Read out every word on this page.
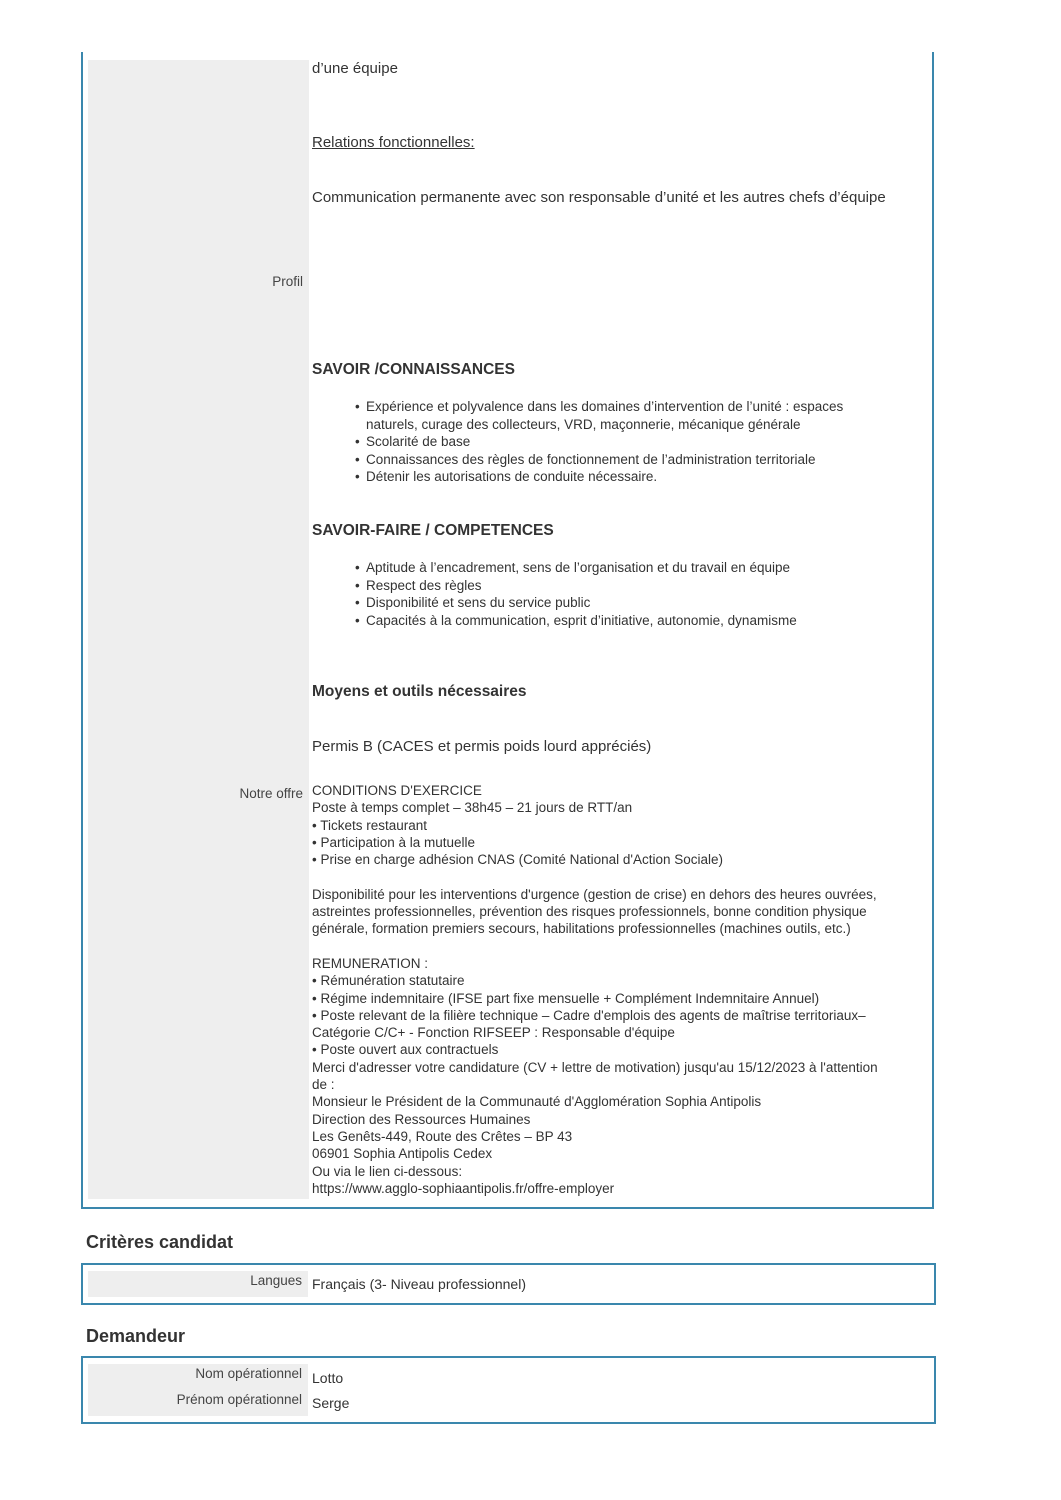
Profil
Notre offre
d’une équipe
Relations fonctionnelles:
Communication permanente avec son responsable d’unité et les autres chefs d’équipe
SAVOIR /CONNAISSANCES
• Expérience et polyvalence dans les domaines d’intervention de l’unité : espaces
naturels, curage des collecteurs, VRD, maçonnerie, mécanique générale
• Scolarité de base
• Connaissances des règles de fonctionnement de l’administration territoriale
• Détenir les autorisations de conduite nécessaire.
SAVOIR-FAIRE / COMPETENCES
• Aptitude à l’encadrement, sens de l’organisation et du travail en équipe
• Respect des règles
• Disponibilité et sens du service public
• Capacités à la communication, esprit d’initiative, autonomie, dynamisme
Moyens et outils nécessaires
Permis B (CACES et permis poids lourd appréciés)
CONDITIONS D'EXERCICE
Poste à temps complet – 38h45 – 21 jours de RTT/an
• Tickets restaurant
• Participation à la mutuelle
• Prise en charge adhésion CNAS (Comité National d'Action Sociale)
Disponibilité pour les interventions d'urgence (gestion de crise) en dehors des heures ouvrées,
astreintes professionnelles, prévention des risques professionnels, bonne condition physique
générale, formation premiers secours, habilitations professionnelles (machines outils, etc.)
REMUNERATION :
• Rémunération statutaire
• Régime indemnitaire (IFSE part fixe mensuelle + Complément Indemnitaire Annuel)
• Poste relevant de la filière technique – Cadre d'emplois des agents de maîtrise territoriaux–
Catégorie C/C+ - Fonction RIFSEEP : Responsable d'équipe
• Poste ouvert aux contractuels
Merci d'adresser votre candidature (CV + lettre de motivation) jusqu'au 15/12/2023 à l'attention
de :
Monsieur le Président de la Communauté d'Agglomération Sophia Antipolis
Direction des Ressources Humaines
Les Genêts-449, Route des Crêtes – BP 43
06901 Sophia Antipolis Cedex
Ou via le lien ci-dessous:
https://www.agglo-sophiaantipolis.fr/offre-employer
Critères candidat
Langues Français (3- Niveau professionnel)
Demandeur
Nom opérationnel
Prénom opérationnel
Lotto
Serge
